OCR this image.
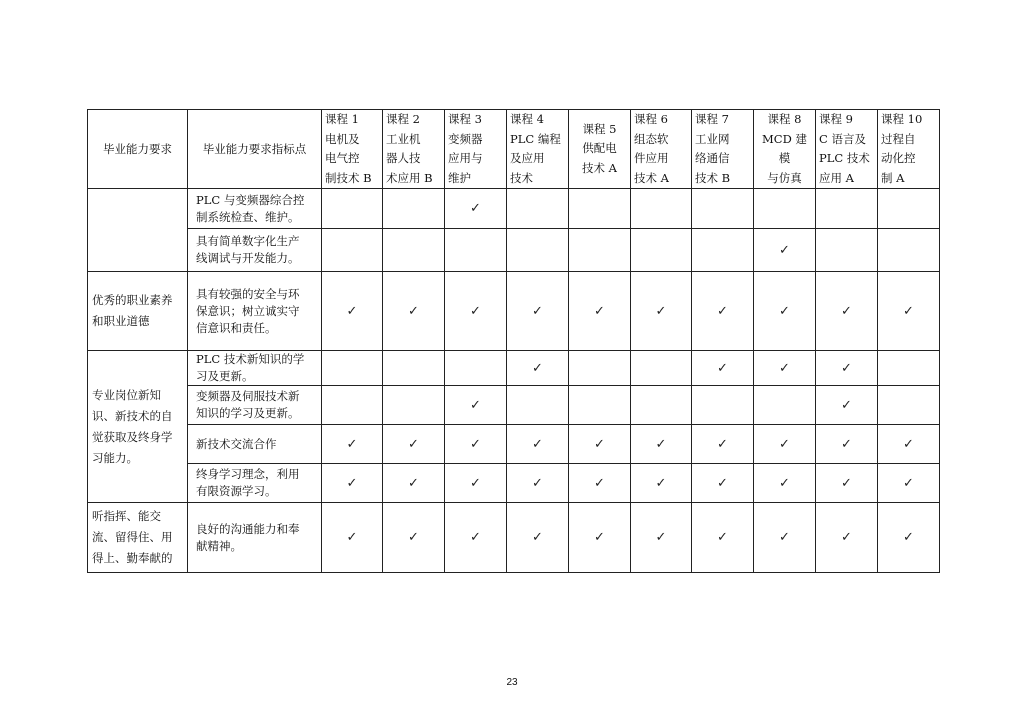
毕业能力要求	毕业能力要求指标点	课程 1
电机及
电气控
制技术 B	课程 2
工业机
器人技
术应用 B	课程 3
变频器
应用与
维护	课程 4
PLC 编程
及应用
技术	课程 5
供配电
技术 A	课程 6
组态软
件应用
技术 A	课程 7
工业网
络通信
技术 B	课程 8
MCD 建模
与仿真	课程 9
C 语言及
PLC 技术
应用 A	课程 10
过程自
动化控
制 A
	PLC 与变频器综合控
制系统检查、维护。			✓							
	具有简单数字化生产
线调试与开发能力。								✓		
优秀的职业素养
和职业道德	具有较强的安全与环
保意识；树立诚实守
信意识和责任。	✓	✓	✓	✓	✓	✓	✓	✓	✓	✓
专业岗位新知
识、新技术的自
觉获取及终身学
习能力。	PLC 技术新知识的学
习及更新。				✓			✓	✓	✓	
	变频器及伺服技术新
知识的学习及更新。			✓						✓	
	新技术交流合作	✓	✓	✓	✓	✓	✓	✓	✓	✓	✓
	终身学习理念，利用
有限资源学习。	✓	✓	✓	✓	✓	✓	✓	✓	✓	✓
听指挥、能交
流、留得住、用
得上、勤奉献的	良好的沟通能力和奉
献精神。	✓	✓	✓	✓	✓	✓	✓	✓	✓	✓
23
